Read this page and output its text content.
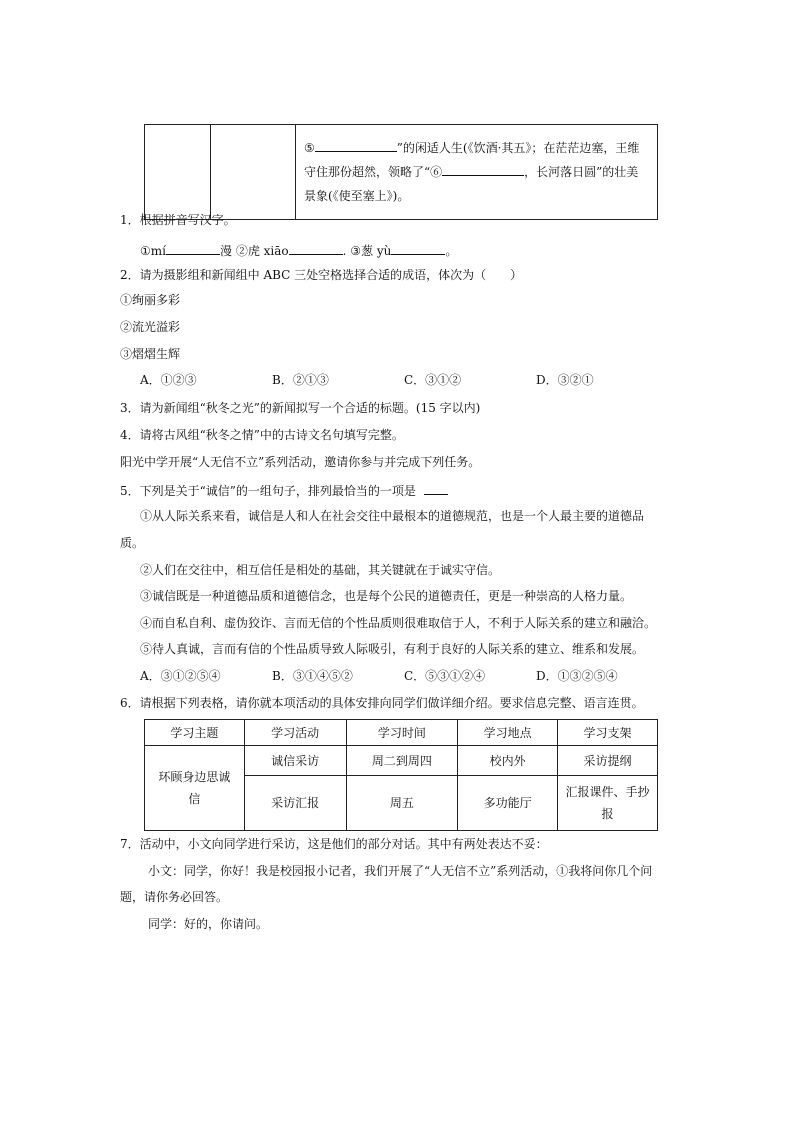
		⑤	”的闲适人生(《饮酒·其五》；在茫茫边塞，王维
守住那份超然，领略了“⑥	，长河落日圆”的壮美
景象(《使至塞上》)。
1．根据拼音写汉字。
①mí	漫 ②虎 xiāo	. ③葱 yù	。
2．请为摄影组和新闻组中 ABC 三处空格选择合适的成语，体次为（　　）
①绚丽多彩
②流光溢彩
③熠熠生辉
A．①②③	B．②①③	C．③①②	D．③②①
3．请为新闻组“秋冬之光”的新闻拟写一个合适的标题。(15 字以内)
4．请将古风组“秋冬之情”中的古诗文名句填写完整。
阳光中学开展“人无信不立”系列活动，邀请你参与并完成下列任务。
5．下列是关于“诚信”的一组句子，排列最恰当的一项是
①从人际关系来看，诚信是人和人在社会交往中最根本的道德规范，也是一个人最主要的道德品
质。
②人们在交往中，相互信任是相处的基础，其关键就在于诚实守信。
③诚信既是一种道德品质和道德信念，也是每个公民的道德责任，更是一种崇高的人格力量。
④而自私自利、虚伪狡诈、言而无信的个性品质则很难取信于人，不利于人际关系的建立和融洽。
⑤待人真诚，言而有信的个性品质导致人际吸引，有利于良好的人际关系的建立、维系和发展。
A．③①②⑤④	B．③①④⑤②	C．⑤③①②④	D．①③②⑤④
6．请根据下列表格，请你就本项活动的具体安排向同学们做详细介绍。要求信息完整、语言连贯。
学习主题	学习活动	学习时间	学习地点	学习支架
环顾身边思诚
信	诚信采访	周二到周四	校内外	采访提纲
	采访汇报	周五	多功能厅	汇报课件、手抄
报
7．活动中，小文向同学进行采访，这是他们的部分对话。其中有两处表达不妥：
小文：同学，你好！我是校园报小记者，我们开展了“人无信不立”系列活动，①我将问你几个问
题，请你务必回答。
同学：好的，你请问。
